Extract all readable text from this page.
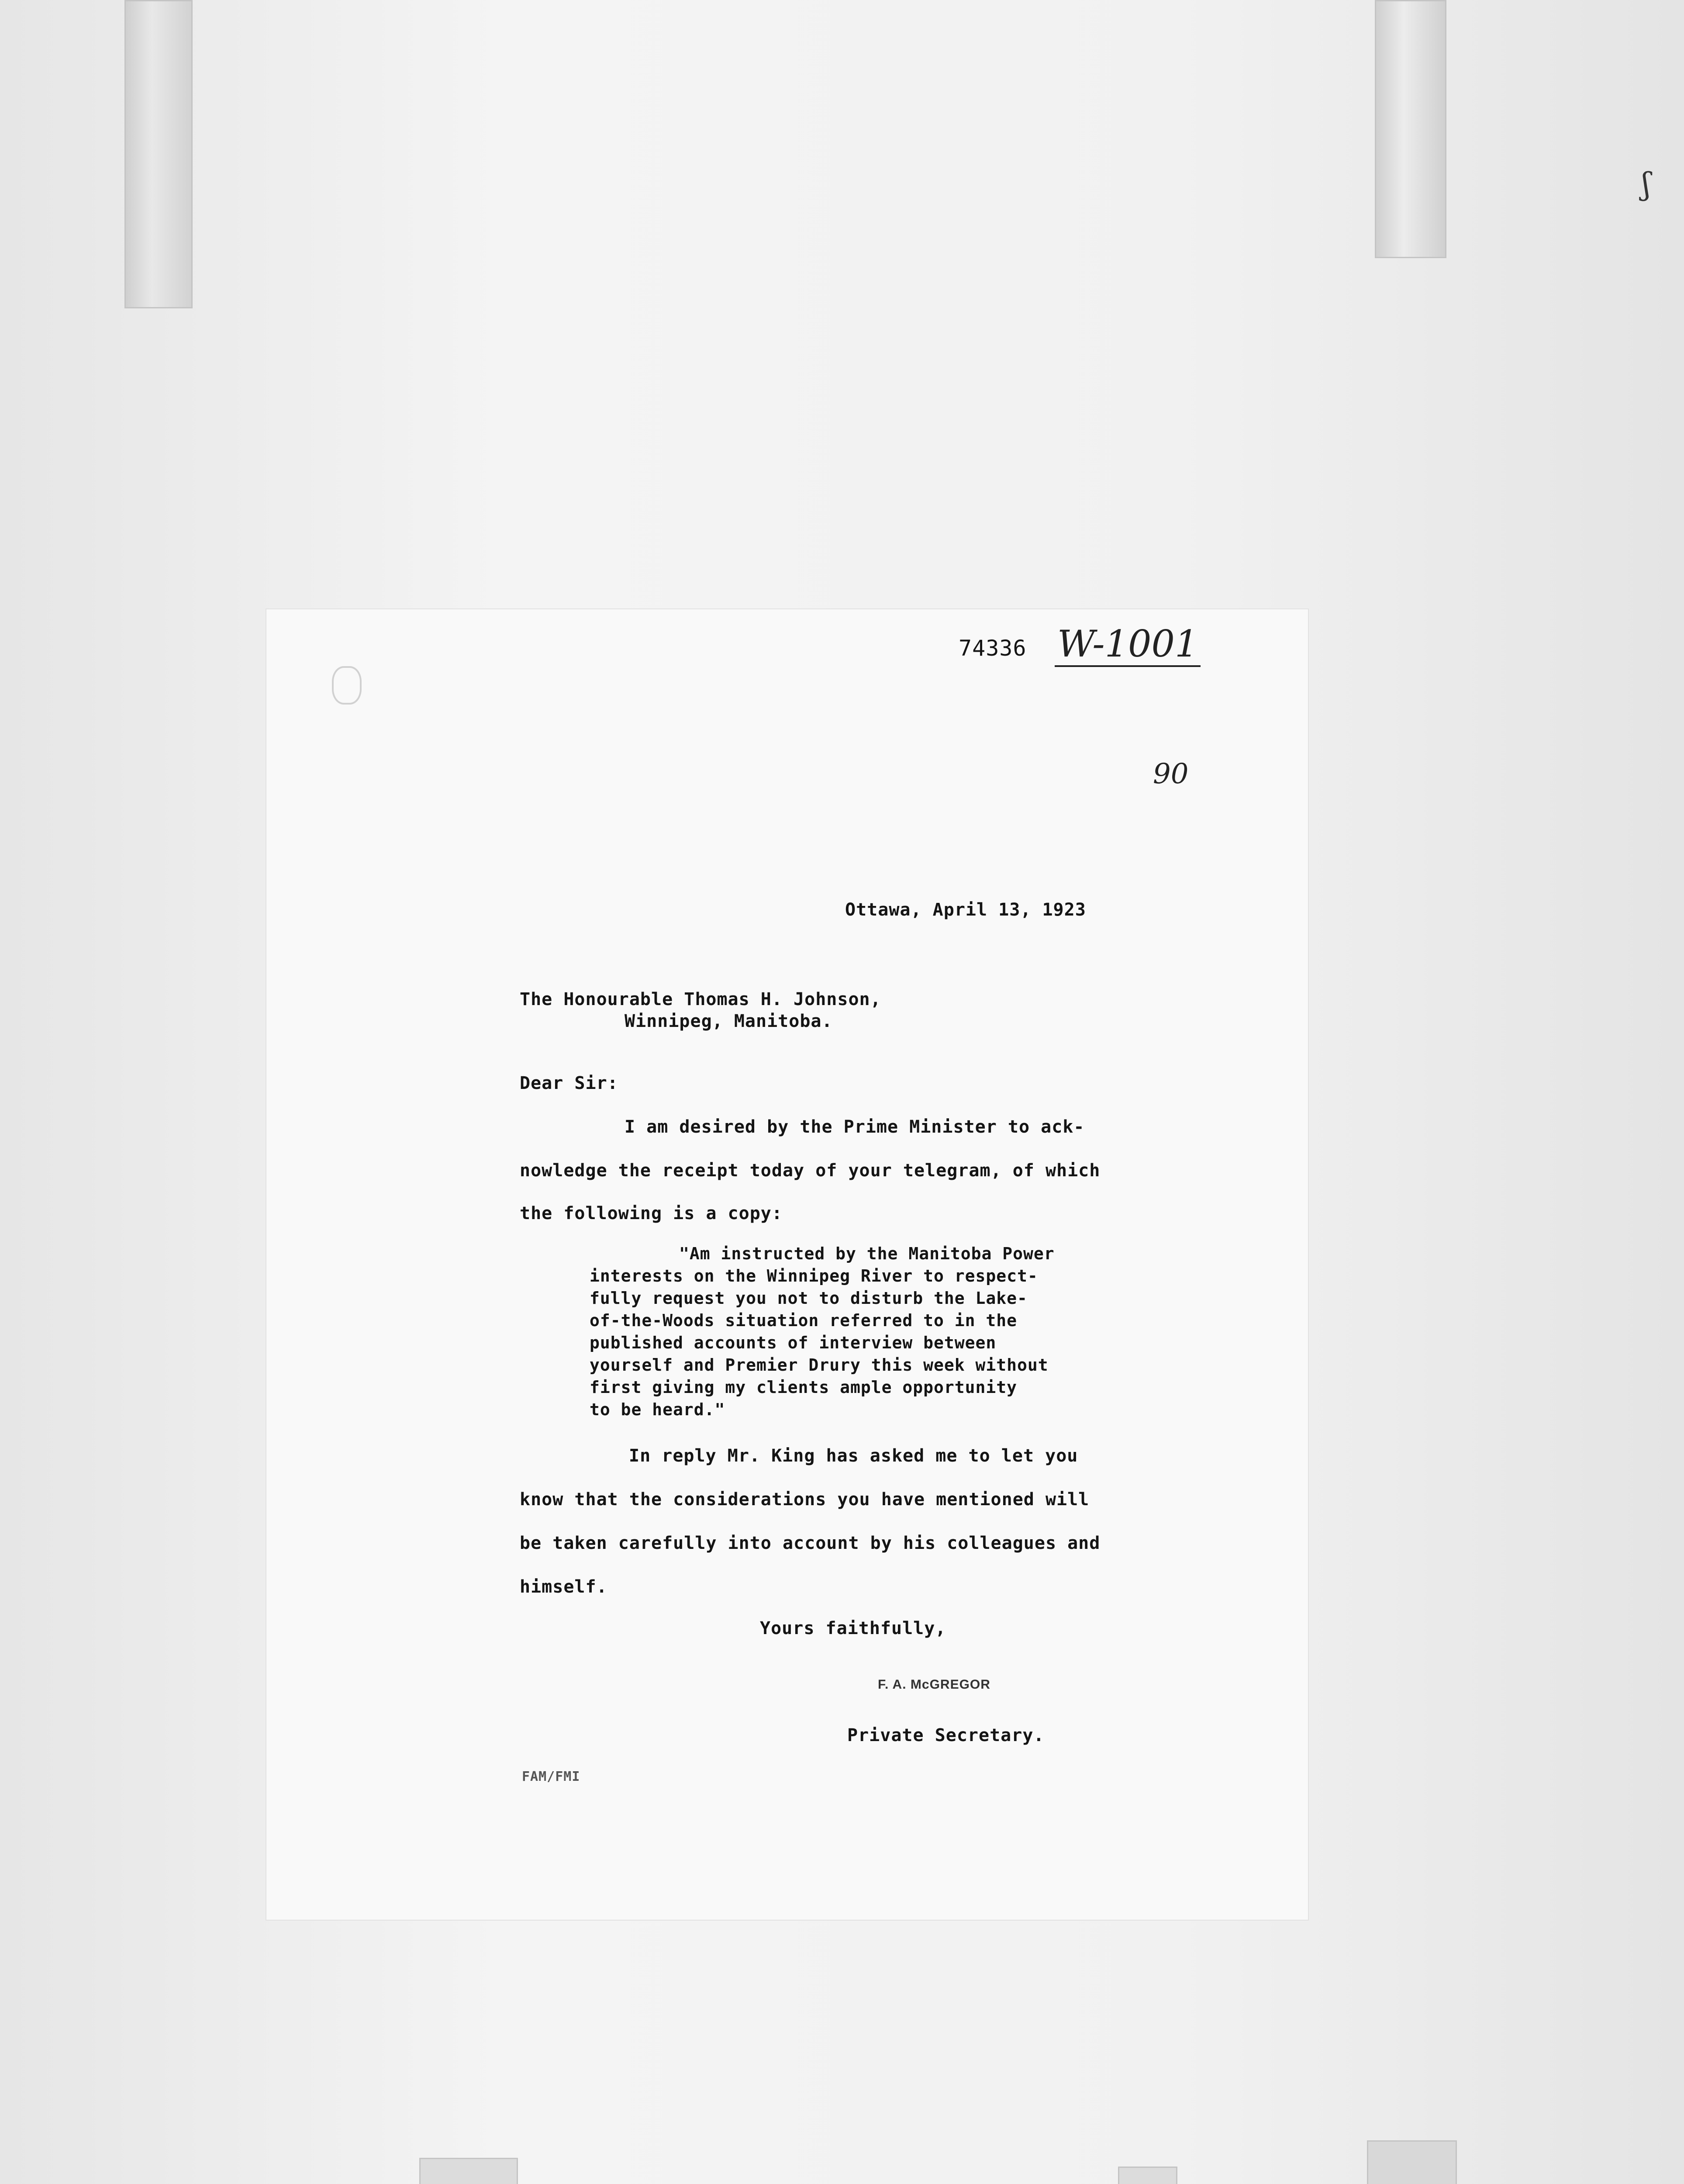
ʃ
74336 W-1001
90
Ottawa, April 13, 1923
The Honourable Thomas H. Johnson,
Winnipeg, Manitoba.
Dear Sir:
I am desired by the Prime Minister to ack-
nowledge the receipt today of your telegram, of which
the following is a copy:
"Am instructed by the Manitoba Power
interests on the Winnipeg River to respect-
fully request you not to disturb the Lake-
of-the-Woods situation referred to in the
published accounts of interview between
yourself and Premier Drury this week without
first giving my clients ample opportunity
to be heard."
In reply Mr. King has asked me to let you
know that the considerations you have mentioned will
be taken carefully into account by his colleagues and
himself.
Yours faithfully,
F. A. McGREGOR
Private Secretary.
FAM/FMI
